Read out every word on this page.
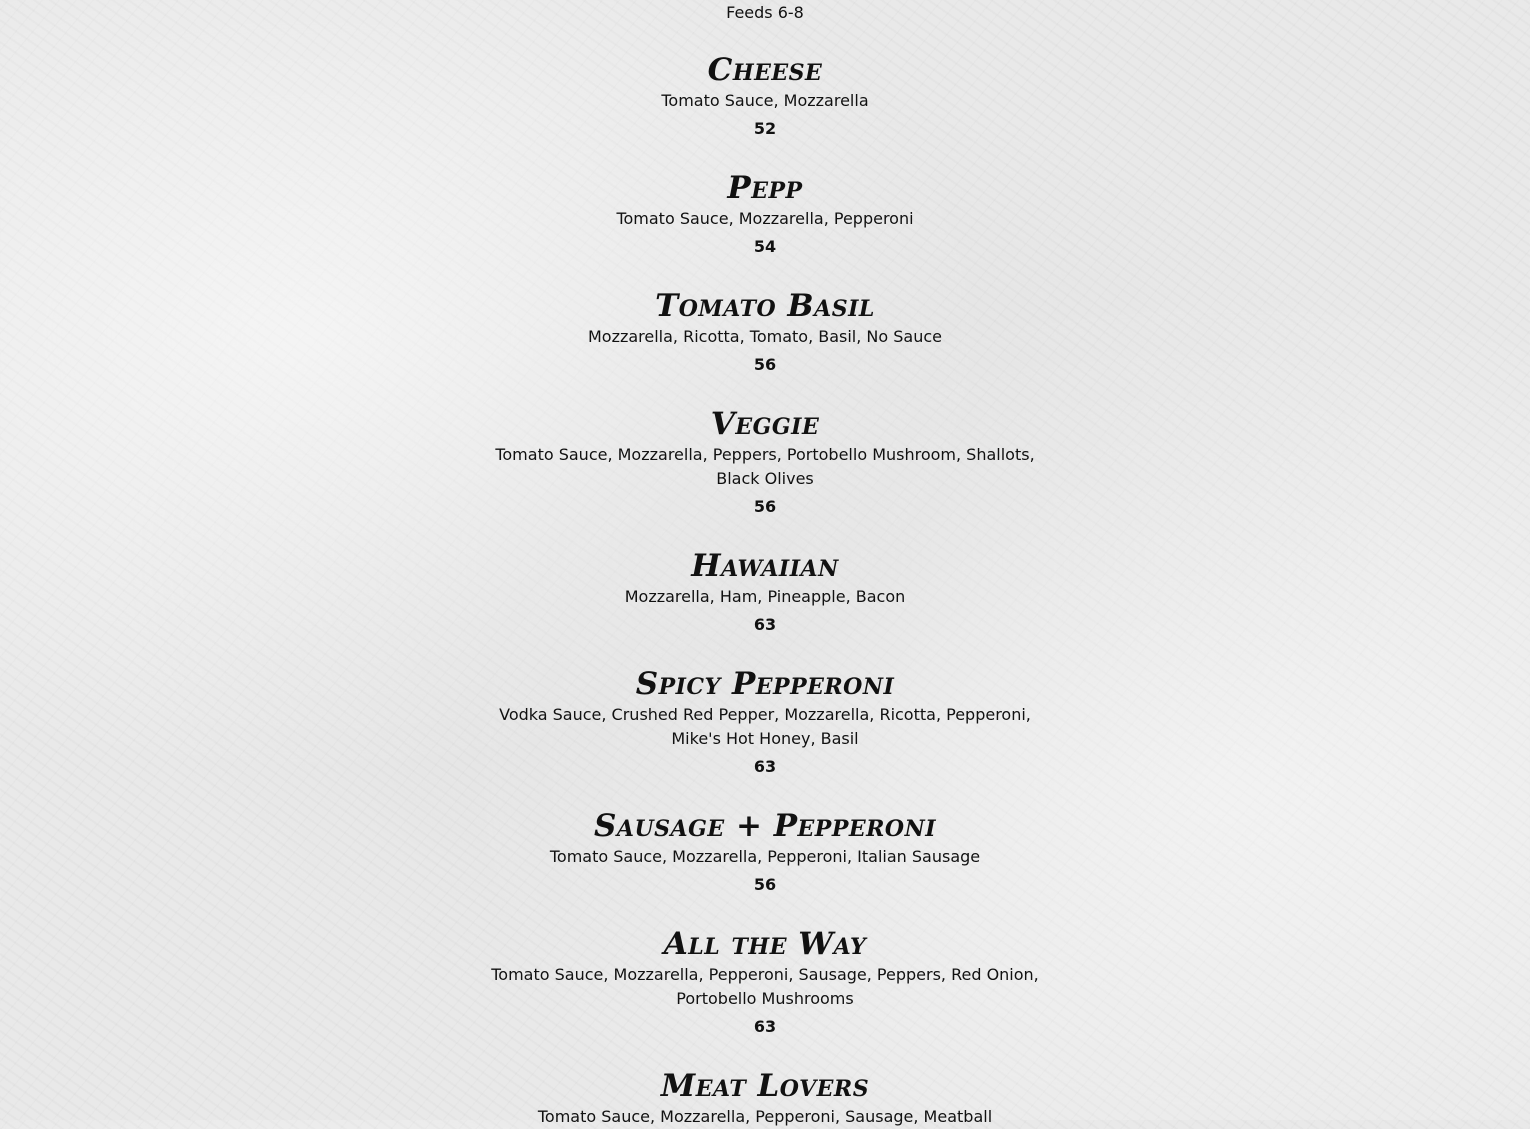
Feeds 6-8
Cheese
Tomato Sauce, Mozzarella
52
Pepp
Tomato Sauce, Mozzarella, Pepperoni
54
Tomato Basil
Mozzarella, Ricotta, Tomato, Basil, No Sauce
56
Veggie
Tomato Sauce, Mozzarella, Peppers, Portobello Mushroom, Shallots, Black Olives
56
Hawaiian
Mozzarella, Ham, Pineapple, Bacon
63
Spicy Pepperoni
Vodka Sauce, Crushed Red Pepper, Mozzarella, Ricotta, Pepperoni, Mike's Hot Honey, Basil
63
Sausage + Pepperoni
Tomato Sauce, Mozzarella, Pepperoni, Italian Sausage
56
All the Way
Tomato Sauce, Mozzarella, Pepperoni, Sausage, Peppers, Red Onion, Portobello Mushrooms
63
Meat Lovers
Tomato Sauce, Mozzarella, Pepperoni, Sausage, Meatball
